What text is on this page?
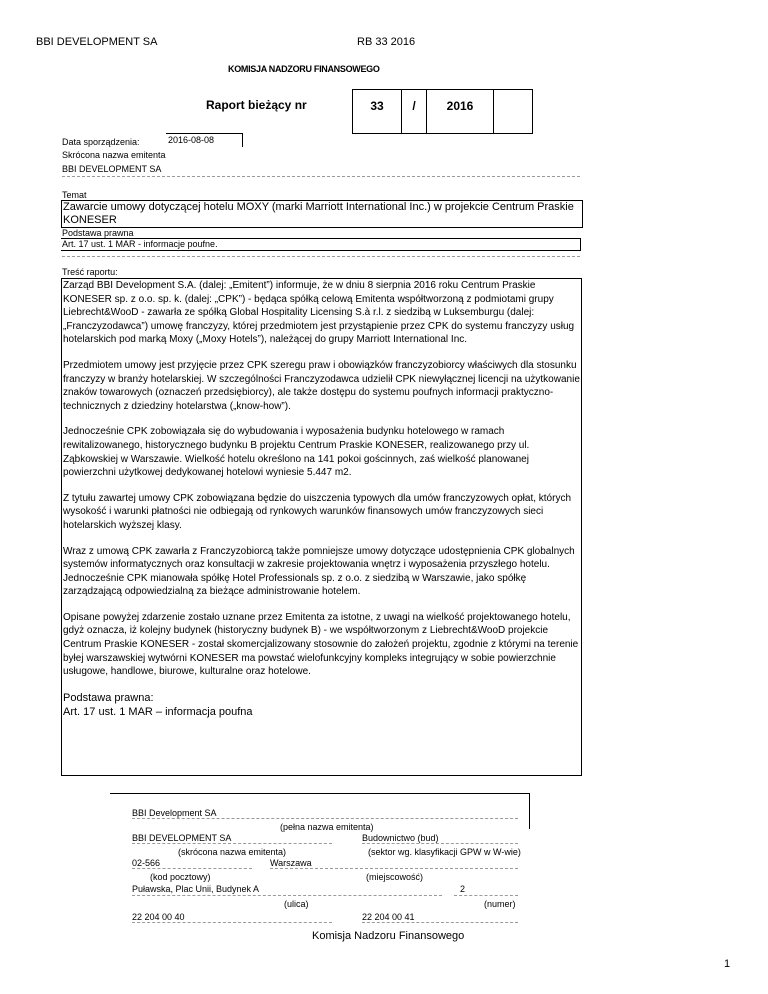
BBI DEVELOPMENT SA	RB 33 2016
KOMISJA NADZORU FINANSOWEGO
Raport bieżący nr	33	/	2016
Data sporządzenia:	2016-08-08
Skrócona nazwa emitenta
BBI DEVELOPMENT SA
Temat
Zawarcie umowy dotyczącej hotelu MOXY (marki Marriott International Inc.) w projekcie Centrum Praskie KONESER
Podstawa prawna
Art. 17 ust. 1 MAR - informacje poufne.
Treść raportu:

Zarząd BBI Development S.A. (dalej: „Emitent”) informuje, że w dniu 8 sierpnia 2016 roku Centrum Praskie KONESER sp. z o.o. sp. k. (dalej: „CPK”) - będąca spółką celową Emitenta współtworzoną z podmiotami grupy Liebrecht&WooD - zawarła ze spółką Global Hospitality Licensing S.à r.l. z siedzibą w Luksemburgu (dalej: „Franczyzodawca”) umowę franczyzy, której przedmiotem jest przystąpienie przez CPK do systemu franczyzy usług hotelarskich pod marką Moxy („Moxy Hotels”), należącej do grupy Marriott International Inc.

Przedmiotem umowy jest przyjęcie przez CPK szeregu praw i obowiązków franczyzobiorcy właściwych dla stosunku franczyzy w branży hotelarskiej. W szczególności Franczyzodawca udzielił CPK niewyłącznej licencji na użytkowanie znaków towarowych (oznaczeń przedsiębiorcy), ale także dostępu do systemu poufnych informacji praktyczno-technicznych z dziedziny hotelarstwa („know-how”).

Jednocześnie CPK zobowiązała się do wybudowania i wyposażenia budynku hotelowego w ramach rewitalizowanego, historycznego budynku B projektu Centrum Praskie KONESER, realizowanego przy ul. Ząbkowskiej w Warszawie. Wielkość hotelu określono na 141 pokoi gościnnych, zaś wielkość planowanej powierzchni użytkowej dedykowanej hotelowi wyniesie 5.447 m2.

Z tytułu zawartej umowy CPK zobowiązana będzie do uiszczenia typowych dla umów franczyzowych opłat, których wysokość i warunki płatności nie odbiegają od rynkowych warunków finansowych umów franczyzowych sieci hotelarskich wyższej klasy.

Wraz z umową CPK zawarła z Franczyzobiorcą także pomniejsze umowy dotyczące udostępnienia CPK globalnych systemów informatycznych oraz konsultacji w zakresie projektowania wnętrz i wyposażenia przyszłego hotelu. Jednocześnie CPK mianowała spółkę Hotel Professionals sp. z o.o. z siedzibą w Warszawie, jako spółkę zarządzającą odpowiedzialną za bieżące administrowanie hotelem.

Opisane powyżej zdarzenie zostało uznane przez Emitenta za istotne, z uwagi na wielkość projektowanego hotelu, gdyż oznacza, iż kolejny budynek (historyczny budynek B) - we współtworzonym z Liebrecht&WooD projekcie Centrum Praskie KONESER - został skomercjalizowany stosownie do założeń projektu, zgodnie z którymi na terenie byłej warszawskiej wytwórni KONESER ma powstać wielofunkcyjny kompleks integrujący w sobie powierzchnie usługowe, handlowe, biurowe, kulturalne oraz hotelowe.

Podstawa prawna:
Art. 17 ust. 1 MAR – informacja poufna
BBI Development SA
(pełna nazwa emitenta)
BBI DEVELOPMENT SA	Budownictwo (bud)
(skrócona nazwa emitenta)	(sektor wg. klasyfikacji GPW w W-wie)
02-566	Warszawa
(kod pocztowy)	(miejscowość)
Puławska, Plac Unii, Budynek A	2
(ulica)	(numer)
22 204 00 40	22 204 00 41
Komisja Nadzoru Finansowego
1
